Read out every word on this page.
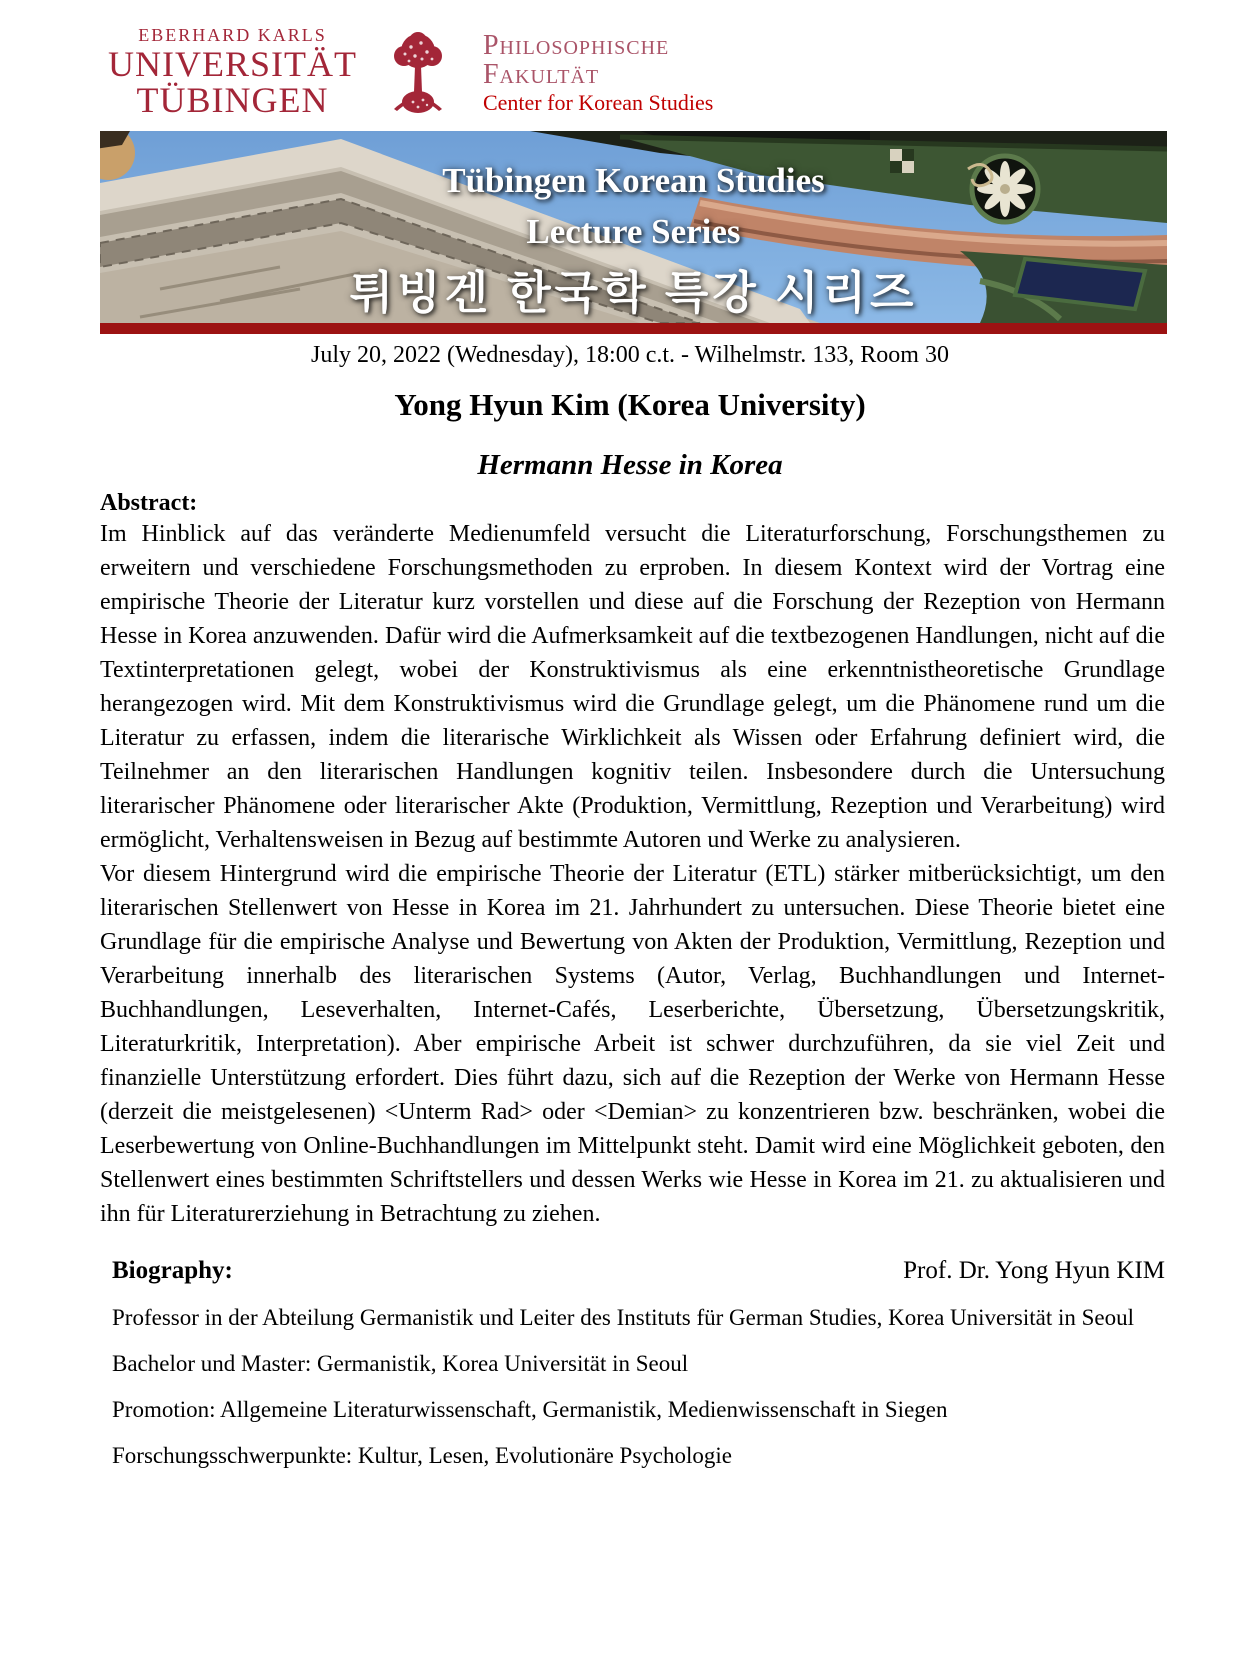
EBERHARD KARLS
UNIVERSITÄT
TÜBINGEN
Philosophische
Fakultät
Center for Korean Studies
Tübingen Korean Studies
Lecture Series
튀빙겐 한국학 특강 시리즈
July 20, 2022 (Wednesday), 18:00 c.t. - Wilhelmstr. 133, Room 30
Yong Hyun Kim (Korea University)
Hermann Hesse in Korea
Abstract:

Im Hinblick auf das veränderte Medienumfeld versucht die Literaturforschung, Forschungsthemen zu erweitern und verschiedene Forschungsmethoden zu erproben. In diesem Kontext wird der Vortrag eine empirische Theorie der Literatur kurz vorstellen und diese auf die Forschung der Rezeption von Hermann Hesse in Korea anzuwenden. Dafür wird die Aufmerksamkeit auf die textbezogenen Handlungen, nicht auf die Textinterpretationen gelegt, wobei der Konstruktivismus als eine erkenntnistheoretische Grundlage herangezogen wird. Mit dem Konstruktivismus wird die Grundlage gelegt, um die Phänomene rund um die Literatur zu erfassen, indem die literarische Wirklichkeit als Wissen oder Erfahrung definiert wird, die Teilnehmer an den literarischen Handlungen kognitiv teilen. Insbesondere durch die Untersuchung literarischer Phänomene oder literarischer Akte (Produktion, Vermittlung, Rezeption und Verarbeitung) wird ermöglicht, Verhaltensweisen in Bezug auf bestimmte Autoren und Werke zu analysieren.

Vor diesem Hintergrund wird die empirische Theorie der Literatur (ETL) stärker mitberücksichtigt, um den literarischen Stellenwert von Hesse in Korea im 21. Jahrhundert zu untersuchen. Diese Theorie bietet eine Grundlage für die empirische Analyse und Bewertung von Akten der Produktion, Vermittlung, Rezeption und Verarbeitung innerhalb des literarischen Systems (Autor, Verlag, Buchhandlungen und Internet-Buchhandlungen, Leseverhalten, Internet-Cafés, Leserberichte, Übersetzung, Übersetzungskritik, Literaturkritik, Interpretation). Aber empirische Arbeit ist schwer durchzuführen, da sie viel Zeit und finanzielle Unterstützung erfordert. Dies führt dazu, sich auf die Rezeption der Werke von Hermann Hesse (derzeit die meistgelesenen) <Unterm Rad> oder <Demian> zu konzentrieren bzw. beschränken, wobei die Leserbewertung von Online-Buchhandlungen im Mittelpunkt steht. Damit wird eine Möglichkeit geboten, den Stellenwert eines bestimmten Schriftstellers und dessen Werks wie Hesse in Korea im 21. zu aktualisieren und ihn für Literaturerziehung in Betrachtung zu ziehen.

Biography:	Prof. Dr. Yong Hyun KIM

Professor in der Abteilung Germanistik und Leiter des Instituts für German Studies, Korea Universität in Seoul

Bachelor und Master: Germanistik, Korea Universität in Seoul

Promotion: Allgemeine Literaturwissenschaft, Germanistik, Medienwissenschaft in Siegen

Forschungsschwerpunkte: Kultur, Lesen, Evolutionäre Psychologie
